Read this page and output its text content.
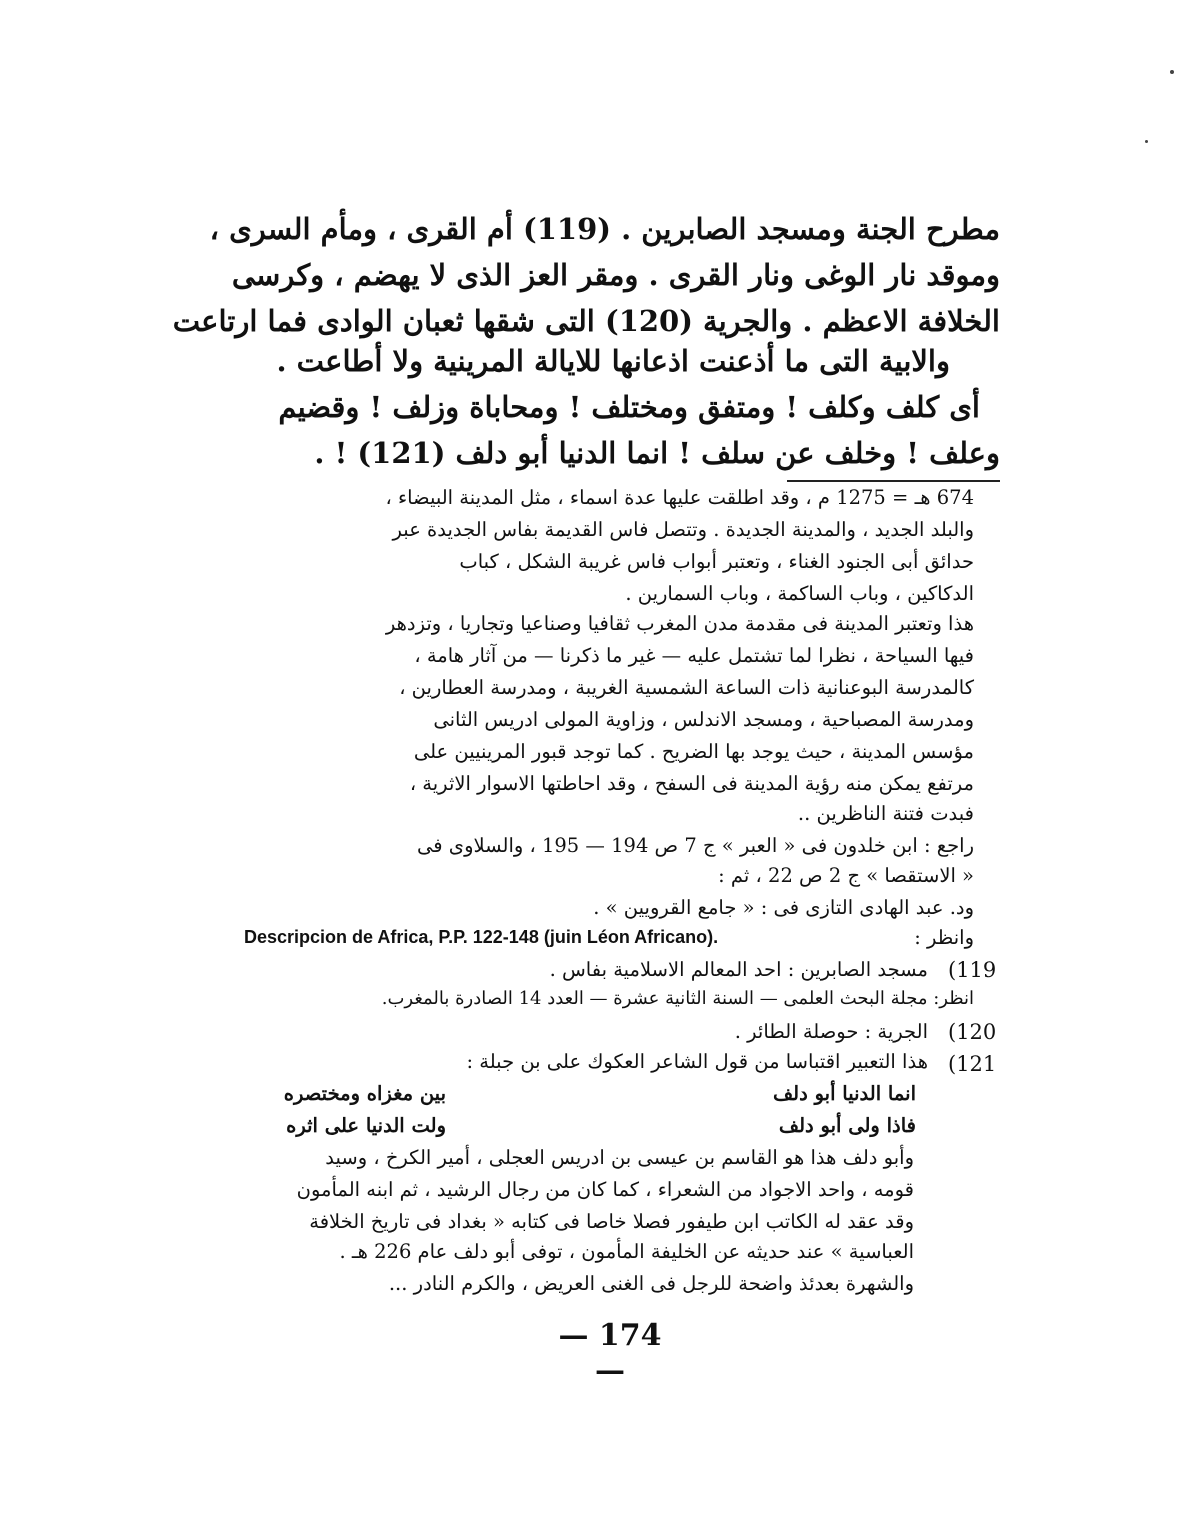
مطرح الجنة ومسجد الصابرين . (119) أم القرى ، ومأم السرى ،
وموقد نار الوغى ونار القرى . ومقر العز الذى لا يهضم ، وكرسى
الخلافة الاعظم . والجرية (120) التى شقها ثعبان الوادى فما ارتاعت
والابية التى ما أذعنت اذعانها للايالة المرينية ولا أطاعت .
أى كلف وكلف ! ومتفق ومختلف ! ومحاباة وزلف ! وقضيم
وعلف ! وخلف عن سلف ! انما الدنيا أبو دلف (121) ! .
674 هـ = 1275 م ، وقد اطلقت عليها عدة اسماء ، مثل المدينة البيضاء ،
والبلد الجديد ، والمدينة الجديدة . وتتصل فاس القديمة بفاس الجديدة عبر
حدائق أبى الجنود الغناء ، وتعتبر أبواب فاس غريبة الشكل ، كباب
الدكاكين ، وباب الساكمة ، وباب السمارين .
هذا وتعتبر المدينة فى مقدمة مدن المغرب ثقافيا وصناعيا وتجاريا ، وتزدهر
فيها السياحة ، نظرا لما تشتمل عليه — غير ما ذكرنا — من آثار هامة ،
كالمدرسة البوعنانية ذات الساعة الشمسية الغريبة ، ومدرسة العطارين ،
ومدرسة المصباحية ، ومسجد الاندلس ، وزاوية المولى ادريس الثانى
مؤسس المدينة ، حيث يوجد بها الضريح . كما توجد قبور المرينيين على
مرتفع يمكن منه رؤية المدينة فى السفح ، وقد احاطتها الاسوار الاثرية ،
فبدت فتنة الناظرين ..
راجع : ابن خلدون فى « العبر » ج 7 ص 194 — 195 ، والسلاوى فى
« الاستقصا » ج 2 ص 22 ، ثم :
ود. عبد الهادى التازى فى : « جامع القرويين » .
وانظر :
مسجد الصابرين : احد المعالم الاسلامية بفاس .
انظر: مجلة البحث العلمى — السنة الثانية عشرة — العدد 14 الصادرة بالمغرب.
الجرية : حوصلة الطائر .
هذا التعبير اقتباسا من قول الشاعر العكوك على بن جبلة :
Descripcion de Africa, P.P. 122-148 (juin Léon Africano).
(119
(120
(121
انما الدنيا أبو دلف
بين مغزاه ومختصره
فاذا ولى أبو دلف
ولت الدنيا على اثره
وأبو دلف هذا هو القاسم بن عيسى بن ادريس العجلى ، أمير الكرخ ، وسيد
قومه ، واحد الاجواد من الشعراء ، كما كان من رجال الرشيد ، ثم ابنه المأمون
وقد عقد له الكاتب ابن طيفور فصلا خاصا فى كتابه « بغداد فى تاريخ الخلافة
العباسية » عند حديثه عن الخليفة المأمون ، توفى أبو دلف عام 226 هـ .
والشهرة بعدئذ واضحة للرجل فى الغنى العريض ، والكرم النادر ...
— 174 —
